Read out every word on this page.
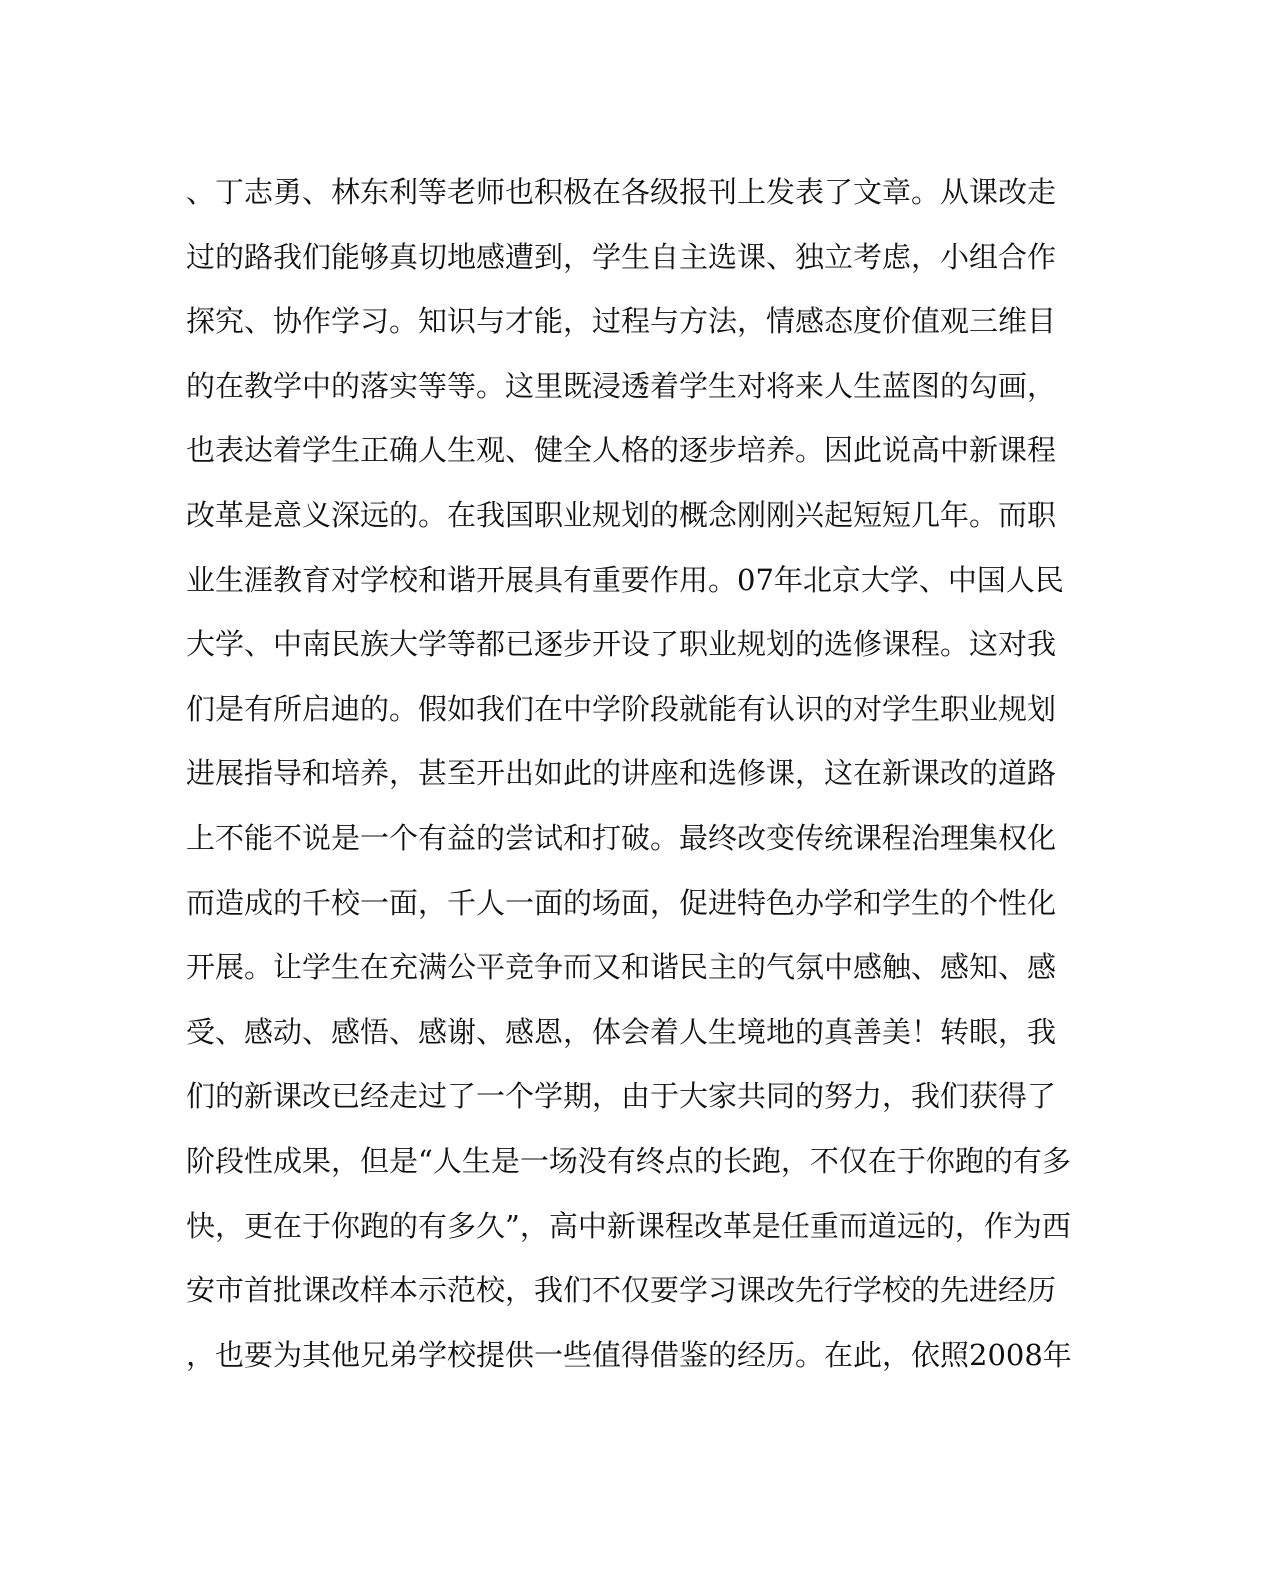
、丁志勇、林东利等老师也积极在各级报刊上发表了文章。从课改走
过的路我们能够真切地感遭到，学生自主选课、独立考虑，小组合作
探究、协作学习。知识与才能，过程与方法，情感态度价值观三维目
的在教学中的落实等等。这里既浸透着学生对将来人生蓝图的勾画，
也表达着学生正确人生观、健全人格的逐步培养。因此说高中新课程
改革是意义深远的。在我国职业规划的概念刚刚兴起短短几年。而职
业生涯教育对学校和谐开展具有重要作用。07年北京大学、中国人民
大学、中南民族大学等都已逐步开设了职业规划的选修课程。这对我
们是有所启迪的。假如我们在中学阶段就能有认识的对学生职业规划
进展指导和培养，甚至开出如此的讲座和选修课，这在新课改的道路
上不能不说是一个有益的尝试和打破。最终改变传统课程治理集权化
而造成的千校一面，千人一面的场面，促进特色办学和学生的个性化
开展。让学生在充满公平竞争而又和谐民主的气氛中感触、感知、感
受、感动、感悟、感谢、感恩，体会着人生境地的真善美！转眼，我
们的新课改已经走过了一个学期，由于大家共同的努力，我们获得了
阶段性成果，但是“人生是一场没有终点的长跑，不仅在于你跑的有多
快，更在于你跑的有多久”，高中新课程改革是任重而道远的，作为西
安市首批课改样本示范校，我们不仅要学习课改先行学校的先进经历
，也要为其他兄弟学校提供一些值得借鉴的经历。在此，依照2008年
